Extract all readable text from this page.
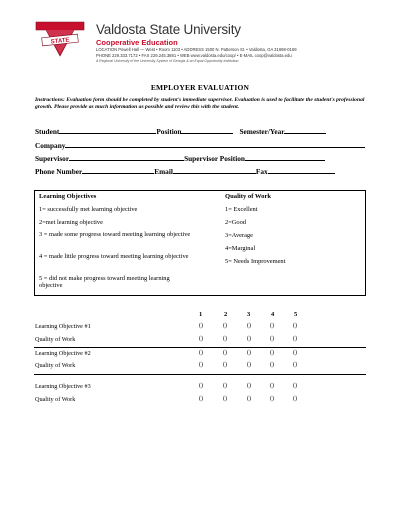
STATE
Valdosta State University
Cooperative Education
LOCATION Powell Hall — West • Room 1103 • ADDRESS 1500 N. Patterson St. • Valdosta, GA 31698-0169
PHONE 229.333.7172 • FAX 229.245.3881 • WEB www.valdosta.edu/coop/ • E-MAIL coop@valdosta.edu
A Regional University of the University System of Georgia & an Equal Opportunity Institution
EMPLOYER EVALUATION
Instructions: Evaluation form should be completed by student's immediate supervisor. Evaluation is used to facilitate the student's professional growth. Please provide as much information as possible and review this with the student.
Student	Position	Semester/Year
Company
Supervisor	Supervisor Position
Phone Number	Email	Fax
Learning Objectives
1= successfully met learning objective
2=met learning objective
3 = made some progress toward meeting learning objective
4 = made little progress toward meeting learning objective
5 = did not make progress toward meeting learning objective
Quality of Work
1= Excellent
2=Good
3=Average
4=Marginal
5= Needs Improvement
1	2	3	4	5
Learning Objective #1	()	()	()	()	()
Quality of Work	()	()	()	()	()
Learning Objective #2	()	()	()	()	()
Quality of Work	()	()	()	()	()
Learning Objective #3	()	()	()	()	()
Quality of Work	()	()	()	()	()
